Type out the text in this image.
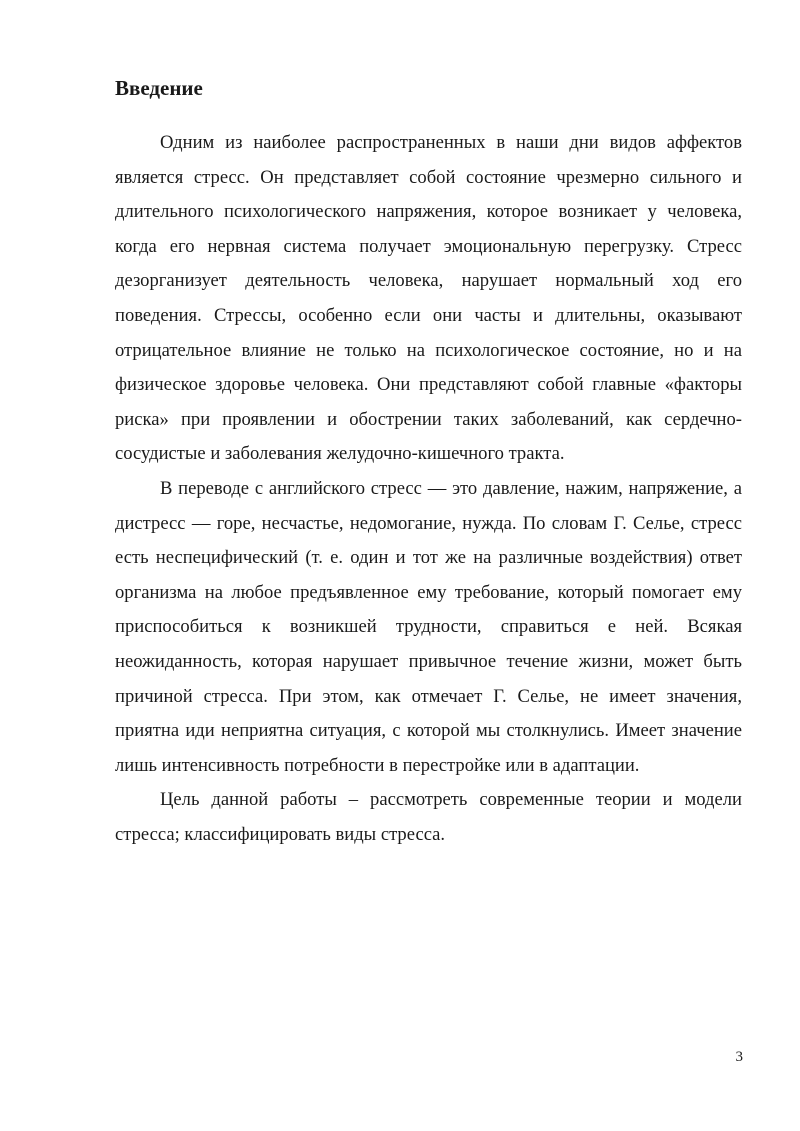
Введение

Одним из наиболее распространенных в наши дни видов аффектов является стресс. Он представляет собой состояние чрезмерно сильного и длительного психологического напряжения, которое возникает у человека, когда его нервная система получает эмоциональную перегрузку. Стресс дезорганизует деятельность человека, нарушает нормальный ход его поведения. Стрессы, особенно если они часты и длительны, оказывают отрицательное влияние не только на психологическое состояние, но и на физическое здоровье человека. Они представляют собой главные «факторы риска» при проявлении и обострении таких заболеваний, как сердечно-сосудистые и заболевания желудочно-кишечного тракта.

В переводе с английского стресс — это давление, нажим, напряжение, а дистресс — горе, несчастье, недомогание, нужда. По словам Г. Селье, стресс есть неспецифический (т. е. один и тот же на различные воздействия) ответ организма на любое предъявленное ему требование, который помогает ему приспособиться к возникшей трудности, справиться е ней. Всякая неожиданность, которая нарушает привычное течение жизни, может быть причиной стресса. При этом, как отмечает Г. Селье, не имеет значения, приятна иди неприятна ситуация, с которой мы столкнулись. Имеет значение лишь интенсивность потребности в перестройке или в адаптации.

Цель данной работы – рассмотреть современные теории и модели стресса; классифицировать виды стресса.

3
